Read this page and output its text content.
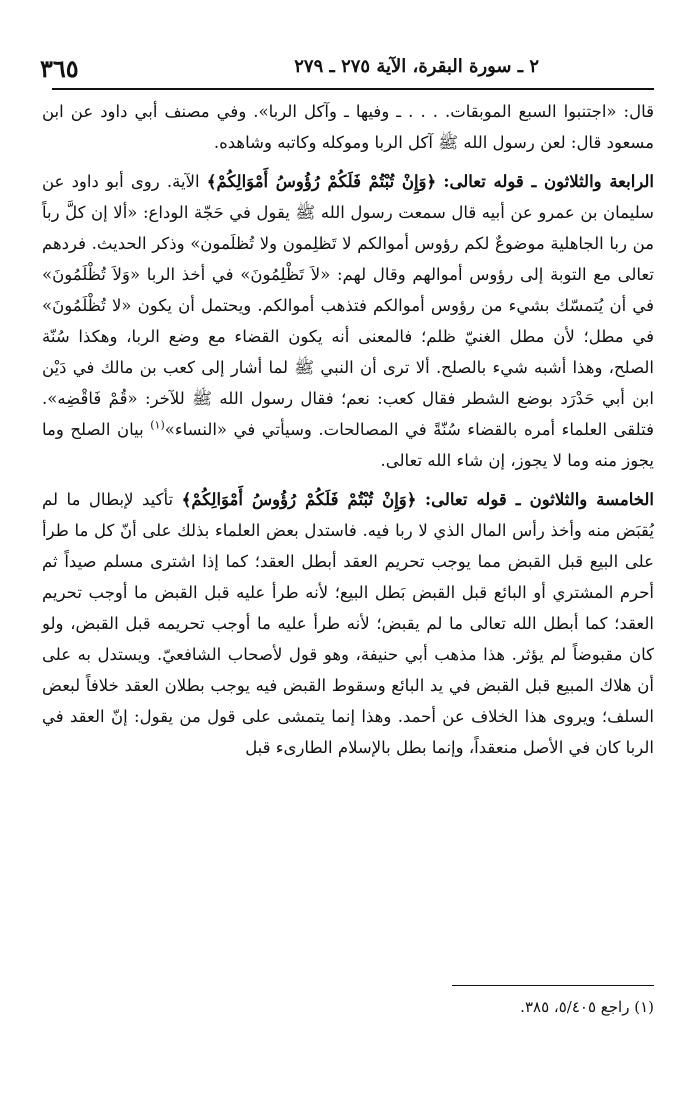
٢ ـ سورة البقرة، الآية ٢٧٥ ـ ٢٧٩
٣٦٥

قال: «اجتنبوا السبع الموبقات. . . . ـ وفيها ـ وآكل الربا». وفي مصنف أبي داود عن ابن مسعود قال: لعن رسول الله ﷺ آكل الربا وموكله وكاتبه وشاهده.

الرابعة والثلاثون ـ قوله تعالى: ﴿وَإِنْ تُبْتُمْ فَلَكُمْ رُؤُوسُ أَمْوَالِكُمْ﴾ الآية. روى أبو داود عن سليمان بن عمرو عن أبيه قال سمعت رسول الله ﷺ يقول في حَجّة الوداع: «ألا إن كلَّ رباً من ربا الجاهلية موضوعٌ لكم رؤوس أموالكم لا تَظلِمون ولا تُظلَمون» وذكر الحديث. فردهم تعالى مع التوبة إلى رؤوس أموالهم وقال لهم: «لاَ تَظْلِمُونَ» في أخذ الربا «وَلاَ تُظْلَمُونَ» في أن يُتمسّك بشيء من رؤوس أموالكم فتذهب أموالكم. ويحتمل أن يكون «لا تُظْلَمُونَ» في مطل؛ لأن مطل الغنيّ ظلم؛ فالمعنى أنه يكون القضاء مع وضع الربا، وهكذا سُنّة الصلح، وهذا أشبه شيء بالصلح. ألا ترى أن النبي ﷺ لما أشار إلى كعب بن مالك في دَيْن ابن أبي حَدْرَد بوضع الشطر فقال كعب: نعم؛ فقال رسول الله ﷺ للآخر: «قُمْ فَاقْضِه». فتلقى العلماء أمره بالقضاء سُنّةً في المصالحات. وسيأتي في «النساء»$^{(١)}$ بيان الصلح وما يجوز منه وما لا يجوز، إن شاء الله تعالى.

الخامسة والثلاثون ـ قوله تعالى: ﴿وَإِنْ تُبْتُمْ فَلَكُمْ رُؤُوسُ أَمْوَالِكُمْ﴾ تأكيد لإبطال ما لم يُقبَض منه وأخذ رأس المال الذي لا ربا فيه. فاستدل بعض العلماء بذلك على أنّ كل ما طرأ على البيع قبل القبض مما يوجب تحريم العقد أبطل العقد؛ كما إذا اشترى مسلم صيداً ثم أحرم المشتري أو البائع قبل القبض بَطل البيع؛ لأنه طرأ عليه قبل القبض ما أوجب تحريم العقد؛ كما أبطل الله تعالى ما لم يقبض؛ لأنه طرأ عليه ما أوجب تحريمه قبل القبض، ولو كان مقبوضاً لم يؤثر. هذا مذهب أبي حنيفة، وهو قول لأصحاب الشافعيّ. ويستدل به على أن هلاك المبيع قبل القبض في يد البائع وسقوط القبض فيه يوجب بطلان العقد خلافاً لبعض السلف؛ ويروى هذا الخلاف عن أحمد. وهذا إنما يتمشى على قول من يقول: إنّ العقد في الربا كان في الأصل منعقداً، وإنما بطل بالإسلام الطارىء قبل

(١) راجع ٥/٤٠٥، ٣٨٥.
